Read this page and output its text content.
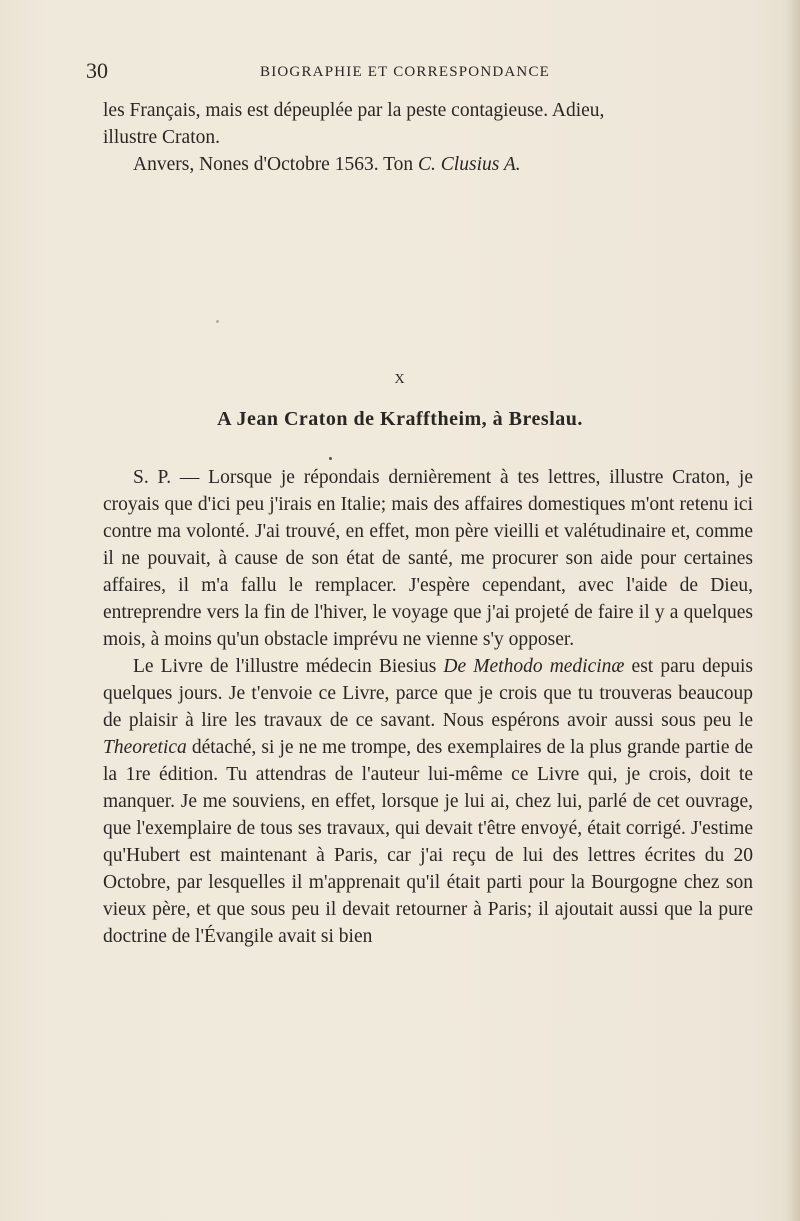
30	BIOGRAPHIE ET CORRESPONDANCE

les Français, mais est dépeuplée par la peste contagieuse. Adieu,

illustre Craton.

Anvers, Nones d'Octobre 1563. Ton C. Clusius A.

X
A Jean Craton de Krafftheim, à Breslau.

S. P. — Lorsque je répondais dernièrement à tes lettres, illustre Craton, je croyais que d'ici peu j'irais en Italie; mais des affaires domestiques m'ont retenu ici contre ma volonté. J'ai trouvé, en effet, mon père vieilli et valétudinaire et, comme il ne pouvait, à cause de son état de santé, me procurer son aide pour certaines affaires, il m'a fallu le remplacer. J'espère cependant, avec l'aide de Dieu, entreprendre vers la fin de l'hiver, le voyage que j'ai projeté de faire il y a quelques mois, à moins qu'un obstacle imprévu ne vienne s'y opposer.

Le Livre de l'illustre médecin Biesius De Methodo medicinæ est paru depuis quelques jours. Je t'envoie ce Livre, parce que je crois que tu trouveras beaucoup de plaisir à lire les travaux de ce savant. Nous espérons avoir aussi sous peu le Theoretica détaché, si je ne me trompe, des exemplaires de la plus grande partie de la 1re édition. Tu attendras de l'auteur lui-même ce Livre qui, je crois, doit te manquer. Je me souviens, en effet, lorsque je lui ai, chez lui, parlé de cet ouvrage, que l'exemplaire de tous ses travaux, qui devait t'être envoyé, était corrigé. J'estime qu'Hubert est maintenant à Paris, car j'ai reçu de lui des lettres écrites du 20 Octobre, par lesquelles il m'apprenait qu'il était parti pour la Bourgogne chez son vieux père, et que sous peu il devait retourner à Paris; il ajoutait aussi que la pure doctrine de l'Évangile avait si bien
